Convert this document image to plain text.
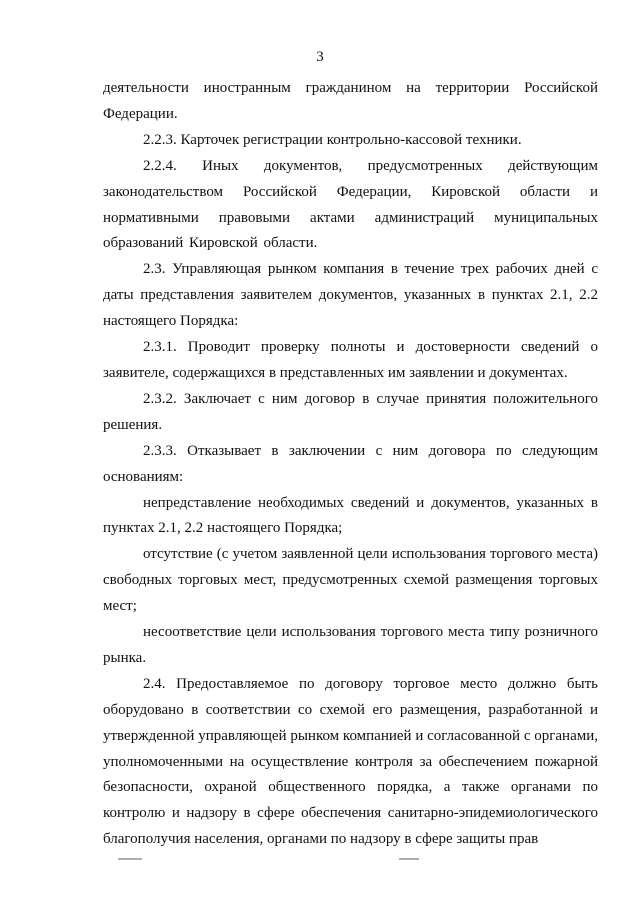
3

деятельности иностранным гражданином на территории Российской Федерации.

2.2.3. Карточек регистрации контрольно-кассовой техники.

2.2.4. Иных документов, предусмотренных действующим законодательством Российской Федерации, Кировской области и нормативными правовыми актами администраций муниципальных образований Кировской области.

2.3. Управляющая рынком компания в течение трех рабочих дней с даты представления заявителем документов, указанных в пунктах 2.1, 2.2 настоящего Порядка:

2.3.1. Проводит проверку полноты и достоверности сведений о заявителе, содержащихся в представленных им заявлении и документах.

2.3.2. Заключает с ним договор в случае принятия положительного решения.

2.3.3. Отказывает в заключении с ним договора по следующим основаниям:

непредставление необходимых сведений и документов, указанных в пунктах 2.1, 2.2 настоящего Порядка;

отсутствие (с учетом заявленной цели использования торгового места) свободных торговых мест, предусмотренных схемой размещения торговых мест;

несоответствие цели использования торгового места типу розничного рынка.

2.4. Предоставляемое по договору торговое место должно быть оборудовано в соответствии со схемой его размещения, разработанной и утвержденной управляющей рынком компанией и согласованной с органами, уполномоченными на осуществление контроля за обеспечением пожарной безопасности, охраной общественного порядка, а также органами по контролю и надзору в сфере обеспечения санитарно-эпидемиологического благополучия населения, органами по надзору в сфере защиты прав
